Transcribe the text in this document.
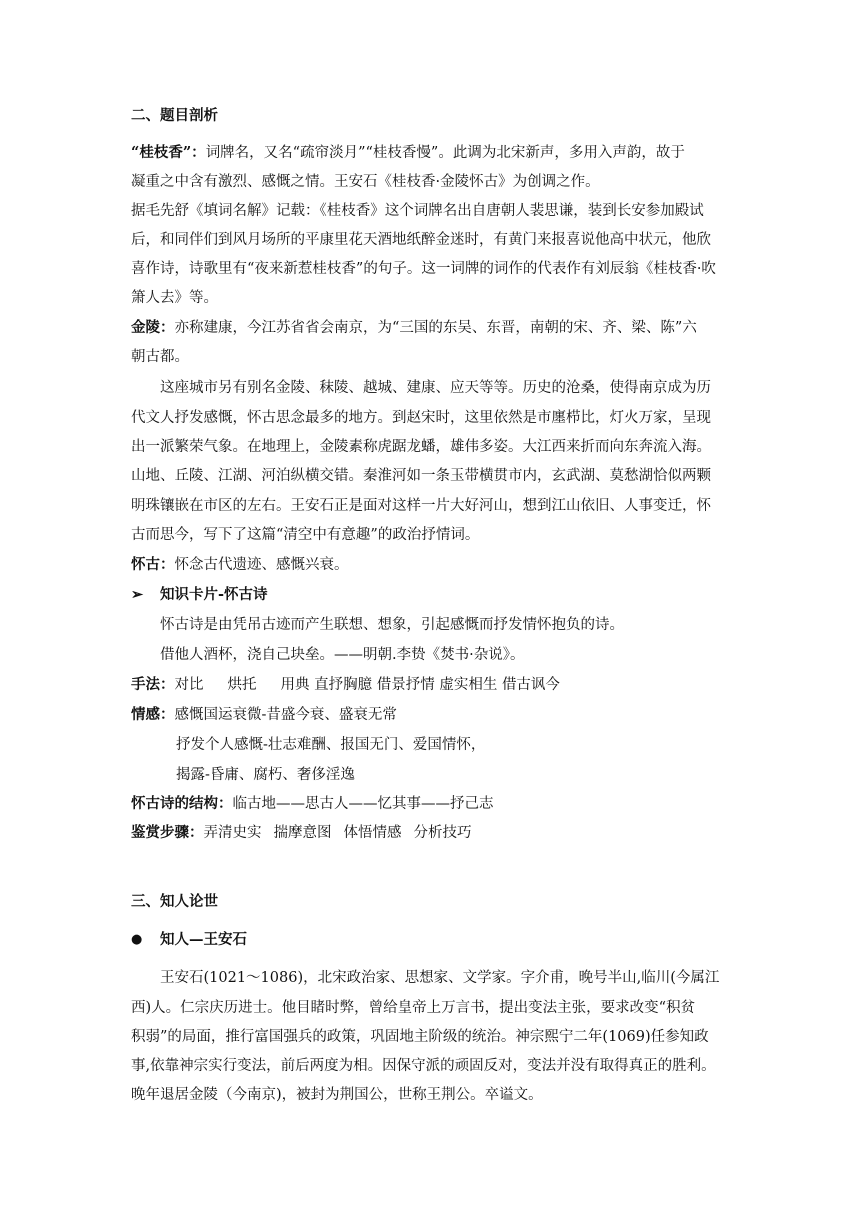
二、题目剖析
“桂枝香”：词牌名，又名“疏帘淡月”“桂枝香慢”。此调为北宋新声，多用入声韵，故于
凝重之中含有激烈、感慨之情。王安石《桂枝香·金陵怀古》为创调之作。
据毛先舒《填词名解》记载：《桂枝香》这个词牌名出自唐朝人裴思谦，装到长安参加殿试
后，和同伴们到风月场所的平康里花天酒地纸醉金迷时，有黄门来报喜说他高中状元，他欣
喜作诗，诗歌里有“夜来新惹桂枝香”的句子。这一词牌的词作的代表作有刘辰翁《桂枝香·吹
箫人去》等。
金陵：亦称建康，今江苏省省会南京，为“三国的东吴、东晋，南朝的宋、齐、梁、陈”六
朝古都。
这座城市另有别名金陵、秣陵、越城、建康、应天等等。历史的沧桑，使得南京成为历
代文人抒发感慨，怀古思念最多的地方。到赵宋时，这里依然是市廛栉比，灯火万家，呈现
出一派繁荣气象。在地理上，金陵素称虎踞龙蟠，雄伟多姿。大江西来折而向东奔流入海。
山地、丘陵、江湖、河泊纵横交错。秦淮河如一条玉带横贯市内，玄武湖、莫愁湖恰似两颗
明珠镶嵌在市区的左右。王安石正是面对这样一片大好河山，想到江山依旧、人事变迁，怀
古而思今，写下了这篇“清空中有意趣”的政治抒情词。
怀古：怀念古代遗迹、感慨兴衰。
➢ 知识卡片-怀古诗
怀古诗是由凭吊古迹而产生联想、想象，引起感慨而抒发情怀抱负的诗。
借他人酒杯，浇自己块垒。——明朝.李贽《焚书·杂说》。
手法：对比 烘托 用典 直抒胸臆 借景抒情 虚实相生 借古讽今
情感：感慨国运衰微-昔盛今衰、盛衰无常
抒发个人感慨-壮志难酬、报国无门、爱国情怀，
揭露-昏庸、腐朽、奢侈淫逸
怀古诗的结构：临古地——思古人——忆其事——抒己志
鉴赏步骤：弄清史实 揣摩意图 体悟情感 分析技巧
三、知人论世
● 知人—王安石
王安石(1021～1086)，北宋政治家、思想家、文学家。字介甫，晚号半山,临川(今属江
西)人。仁宗庆历进士。他目睹时弊，曾给皇帝上万言书，提出变法主张，要求改变“积贫
积弱”的局面，推行富国强兵的政策，巩固地主阶级的统治。神宗熙宁二年(1069)任参知政
事,依靠神宗实行变法，前后两度为相。因保守派的顽固反对，变法并没有取得真正的胜利。
晚年退居金陵（今南京)，被封为荆国公，世称王荆公。卒谥文。
